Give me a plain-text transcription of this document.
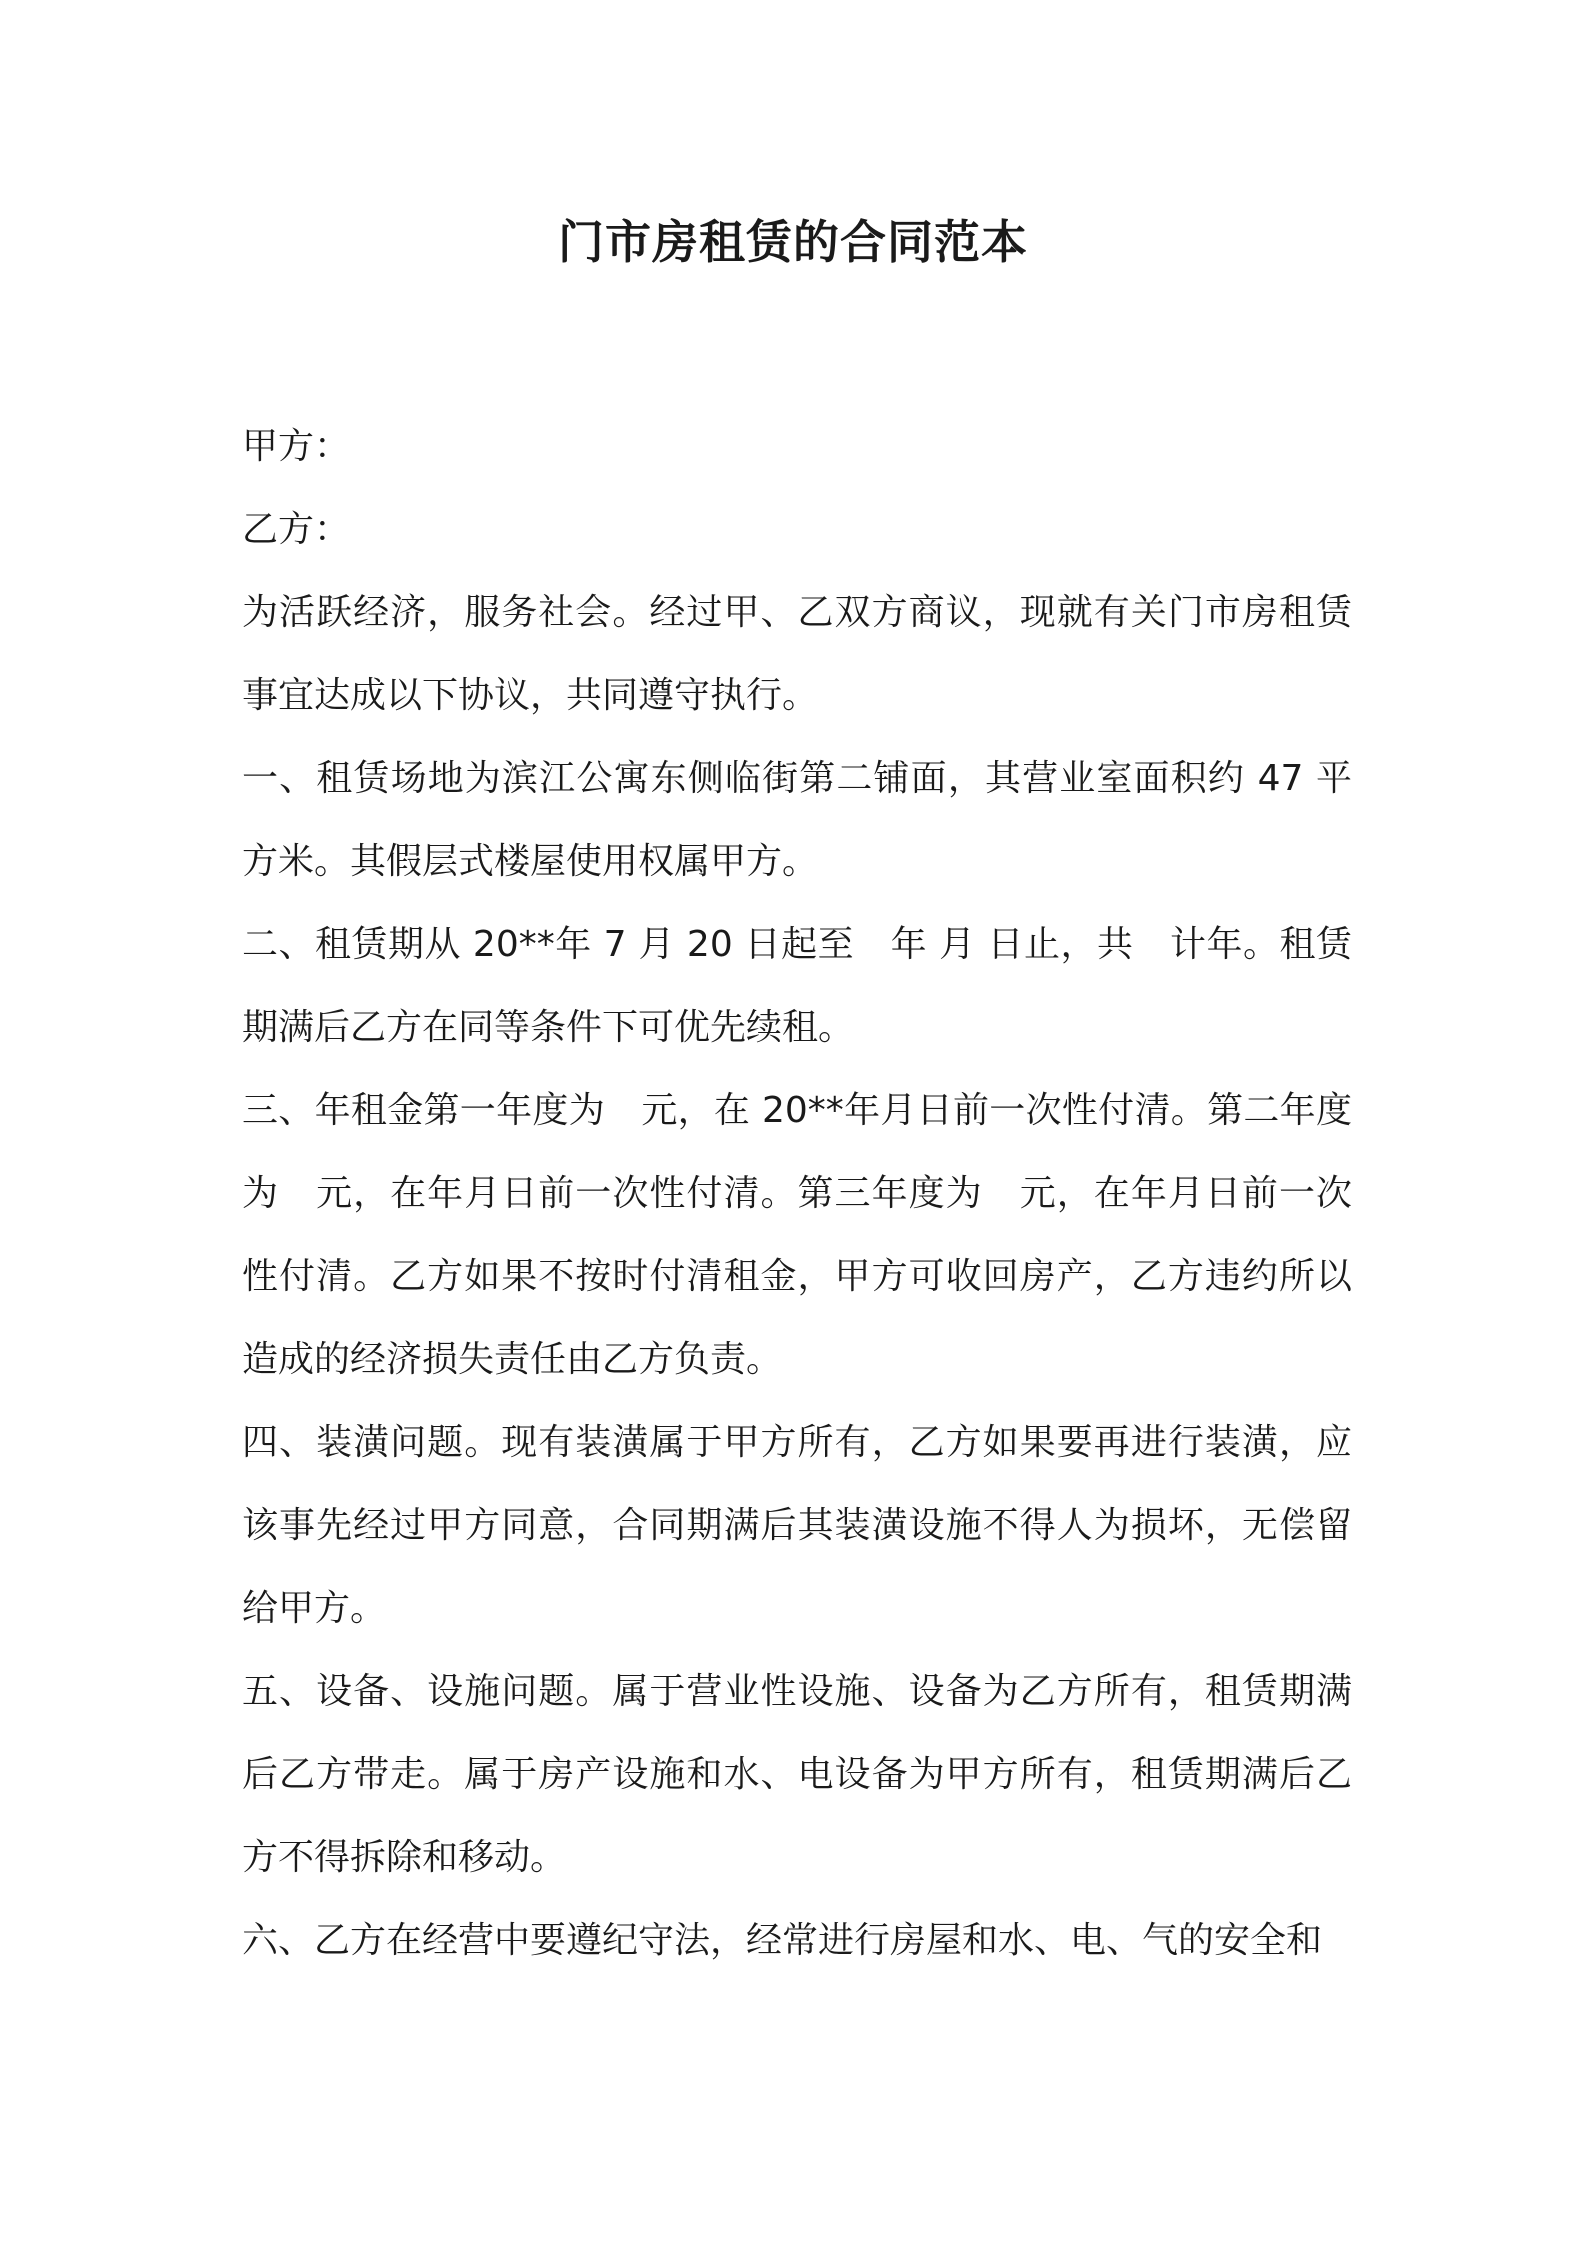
门市房租赁的合同范本

甲方：

乙方：

为活跃经济，服务社会。经过甲、乙双方商议，现就有关门市房租赁事宜达成以下协议，共同遵守执行。

一、租赁场地为滨江公寓东侧临街第二铺面，其营业室面积约 47 平方米。其假层式楼屋使用权属甲方。

二、租赁期从 20**年 7 月 20 日起至　年 月 日止，共　计年。租赁期满后乙方在同等条件下可优先续租。

三、年租金第一年度为　元，在 20**年月日前一次性付清。第二年度为　元，在年月日前一次性付清。第三年度为　元，在年月日前一次性付清。乙方如果不按时付清租金，甲方可收回房产，乙方违约所以造成的经济损失责任由乙方负责。

四、装潢问题。现有装潢属于甲方所有，乙方如果要再进行装潢，应该事先经过甲方同意，合同期满后其装潢设施不得人为损坏，无偿留给甲方。

五、设备、设施问题。属于营业性设施、设备为乙方所有，租赁期满后乙方带走。属于房产设施和水、电设备为甲方所有，租赁期满后乙方不得拆除和移动。

六、乙方在经营中要遵纪守法，经常进行房屋和水、电、气的安全和
